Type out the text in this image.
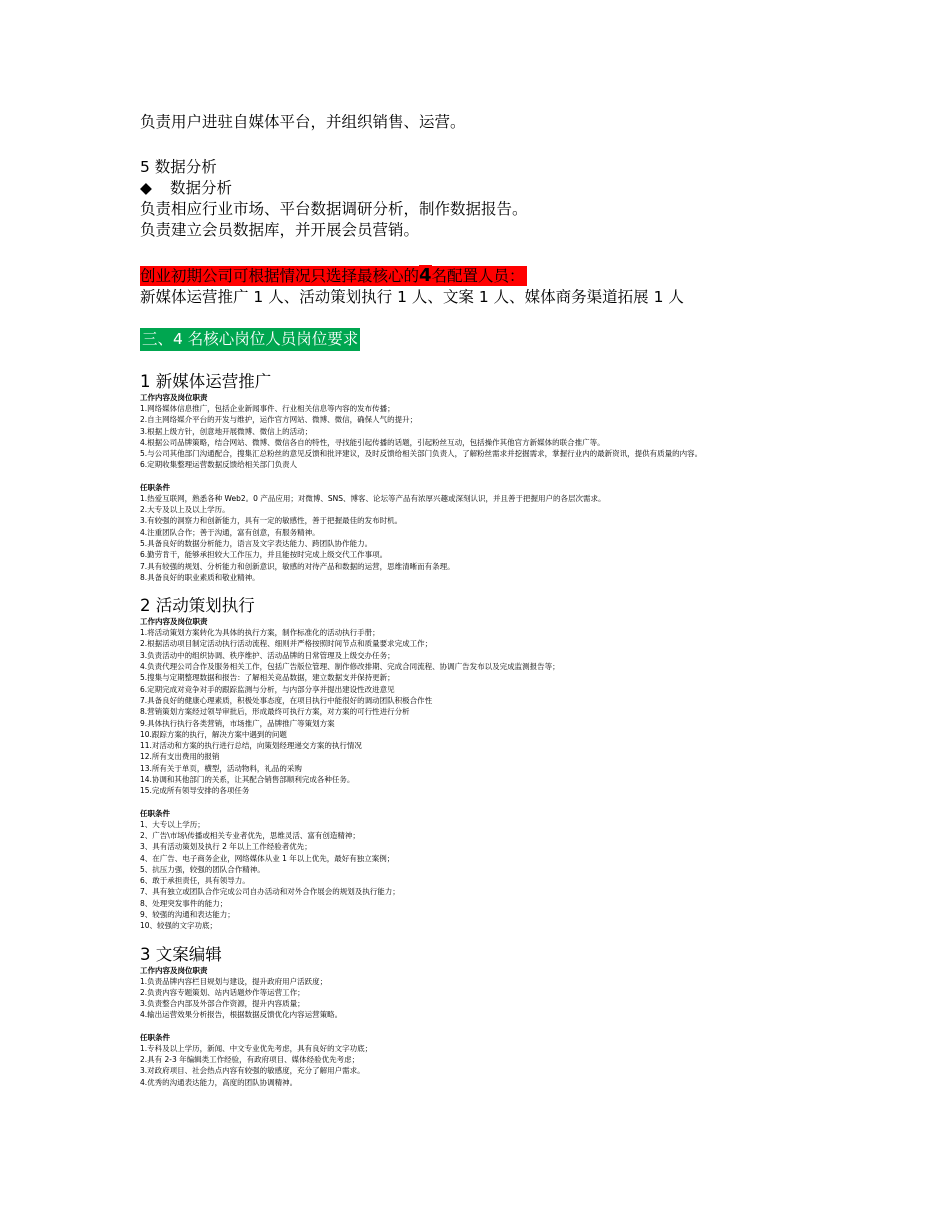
负责用户进驻自媒体平台，并组织销售、运营。
5 数据分析
◆ 数据分析
负责相应行业市场、平台数据调研分析，制作数据报告。
负责建立会员数据库，并开展会员营销。
创业初期公司可根据情况只选择最核心的4名配置人员：
新媒体运营推广 1 人、活动策划执行 1 人、文案 1 人、媒体商务渠道拓展 1 人
三、4 名核心岗位人员岗位要求
1 新媒体运营推广
工作内容及岗位职责
1.网络媒体信息推广，包括企业新闻事件、行业相关信息等内容的发布传播；
2.自主网络媒介平台的开发与维护，运作官方网站、微博、微信，确保人气的提升；
3.根据上级方针，创意地开展微博、微信上的活动；
4.根据公司品牌策略，结合网站、微博、微信各自的特性，寻找能引起传播的话题，引起粉丝互动，包括操作其他官方新媒体的联合推广等。
5.与公司其他部门沟通配合，搜集汇总粉丝的意见反馈和批评建议，及时反馈给相关部门负责人，了解粉丝需求并挖掘需求，掌握行业内的最新资讯，提供有质量的内容。
6.定期收集整理运营数据反馈给相关部门负责人
任职条件
1.热爱互联网，熟悉各种 Web2。0 产品应用；对微博、SNS、博客、论坛等产品有浓厚兴趣或深刻认识，并且善于把握用户的各层次需求。
2.大专及以上及以上学历。
3.有较强的洞察力和创新能力，具有一定的敏感性，善于把握最佳的发布时机。
4.注重团队合作；善于沟通，富有创意，有服务精神。
5.具备良好的数据分析能力，语言及文字表达能力、跨团队协作能力。
6.勤劳肯干，能够承担较大工作压力，并且能按时完成上级交代工作事项。
7.具有较强的规划、分析能力和创新意识，敏感的对待产品和数据的运营，思维清晰而有条理。
8.具备良好的职业素质和敬业精神。
2 活动策划执行
工作内容及岗位职责
1.将活动策划方案转化为具体的执行方案，制作标准化的活动执行手册；
2.根据活动项目制定活动执行活动流程、细则并严格按照时间节点和质量要求完成工作；
3.负责活动中的组织协调、秩序维护、活动品牌的日常管理及上级交办任务；
4.负责代理公司合作及服务相关工作，包括广告版位管理、制作修改排期、完成合同流程、协调广告发布以及完成监测报告等；
5.搜集与定期整理数据和报告：了解相关竞品数据，建立数据支并保持更新；
6.定期完成对竞争对手的跟踪监测与分析，与内部分享并提出建设性改进意见
7.具备良好的健康心理素质，积极处事态度，在项目执行中能很好的调动团队积极合作性
8.营销策划方案经过领导审批后，形成最终可执行方案，对方案的可行性进行分析
9.具体执行执行各类营销，市场推广，品牌推广等策划方案
10.跟踪方案的执行，解决方案中遇到的问题
11.对活动和方案的执行进行总结，向策划经理递交方案的执行情况
12.所有支出费用的报销
13.所有关于单页，横型，活动物料，礼品的采购
14.协调和其他部门的关系，让其配合销售部顺利完成各种任务。
15.完成所有领导安排的各项任务
任职条件
1、大专以上学历；
2、广告\市场\传播或相关专业者优先，思维灵活、富有创造精神；
3、具有活动策划及执行 2 年以上工作经验者优先；
4、在广告、电子商务企业，网络媒体从业 1 年以上优先，最好有独立案例；
5、抗压力强，较强的团队合作精神。
6、敢于承担责任，具有领导力。
7、具有独立或团队合作完成公司自办活动和对外合作展会的规划及执行能力；
8、处理突发事件的能力；
9、较强的沟通和表达能力；
10、较强的文字功底；
3 文案编辑
工作内容及岗位职责
1.负责品牌内容栏目规划与建设，提升政府用户活跃度；
2.负责内容专题策划、站内话题炒作等运营工作；
3.负责整合内部及外部合作资源，提升内容质量；
4.输出运营效果分析报告，根据数据反馈优化内容运营策略。
任职条件
1.专科及以上学历，新闻、中文专业优先考虑，具有良好的文字功底；
2.具有 2-3 年编辑类工作经验，有政府项目、媒体经验优先考虑；
3.对政府项目、社会热点内容有较强的敏感度，充分了解用户需求。
4.优秀的沟通表达能力，高度的团队协调精神。
